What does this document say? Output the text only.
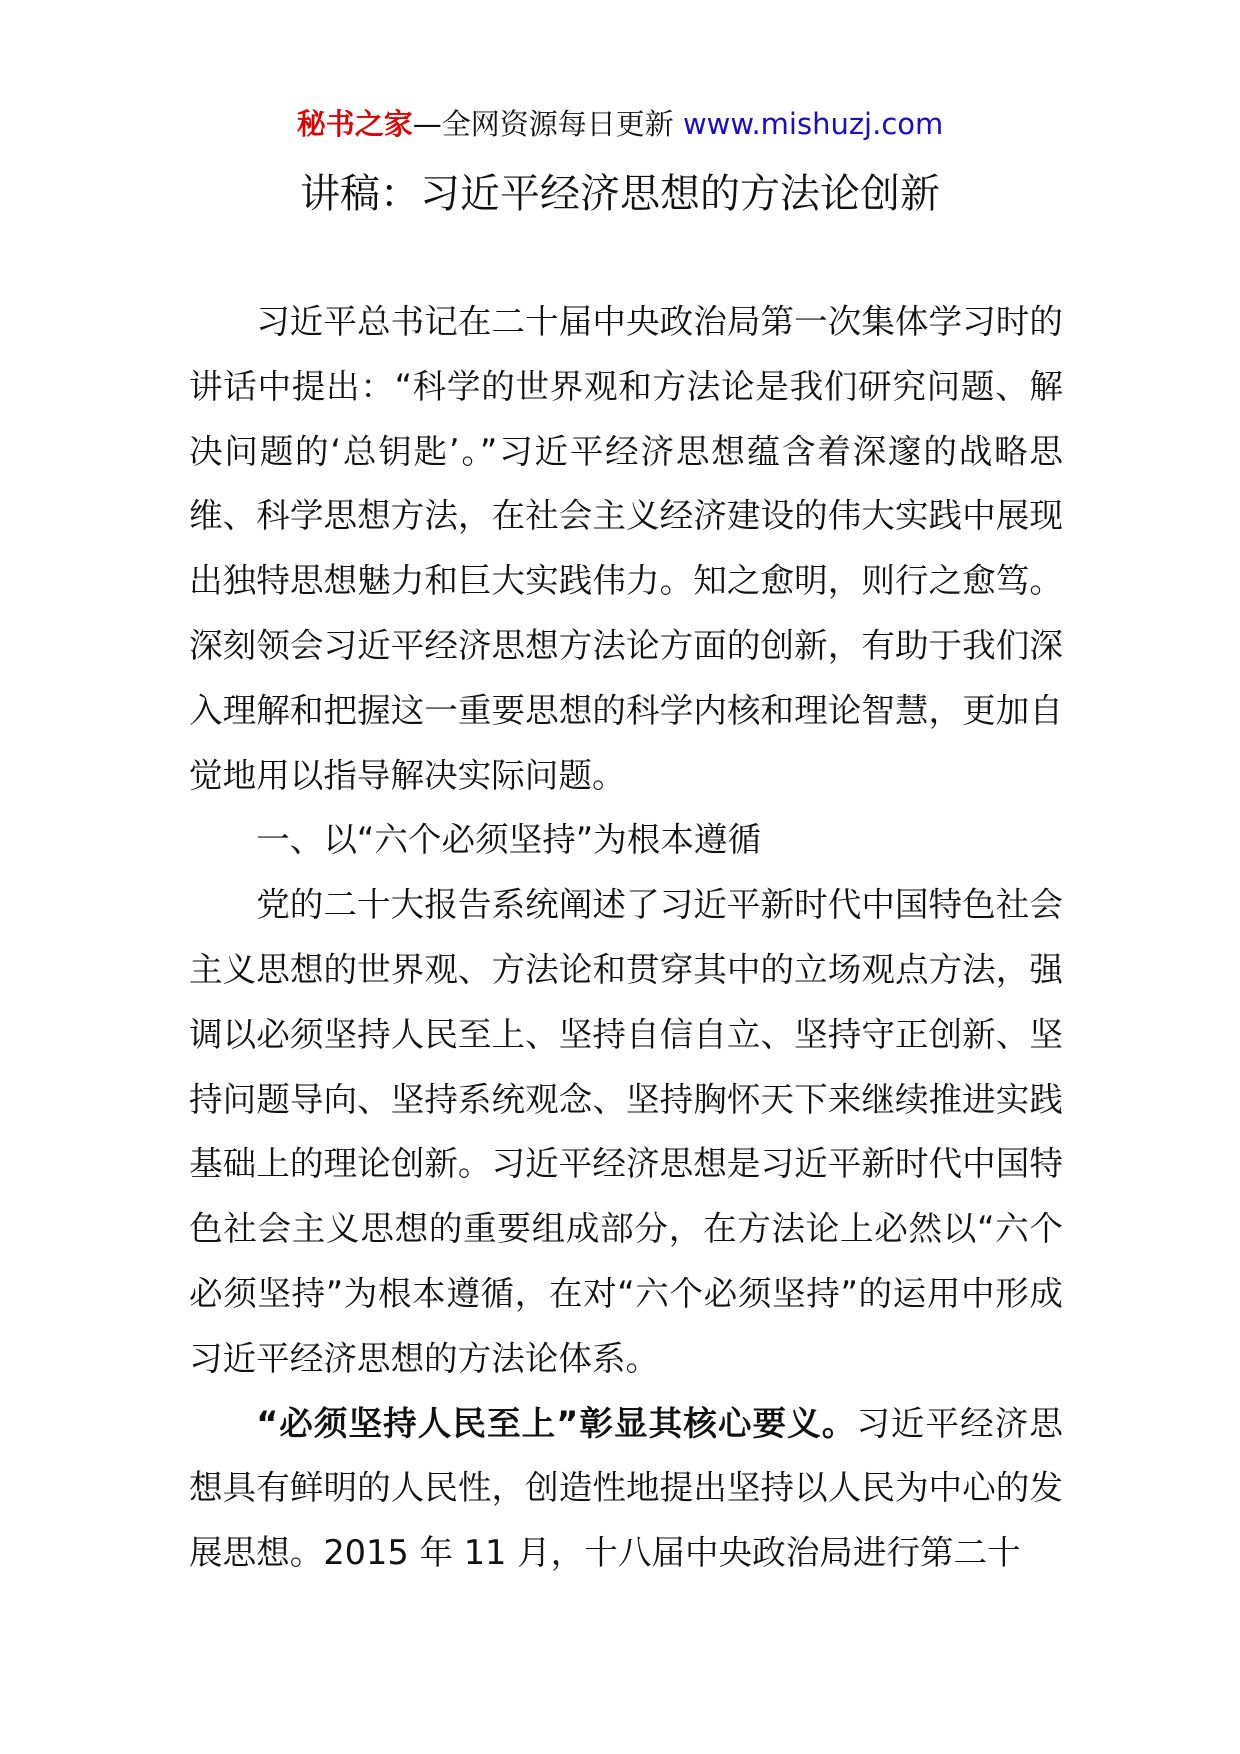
秘书之家—全网资源每日更新 www.mishuzj.com
讲稿：习近平经济思想的方法论创新

习近平总书记在二十届中央政治局第一次集体学习时的讲话中提出：“科学的世界观和方法论是我们研究问题、解决问题的‘总钥匙’。”习近平经济思想蕴含着深邃的战略思维、科学思想方法，在社会主义经济建设的伟大实践中展现出独特思想魅力和巨大实践伟力。知之愈明，则行之愈笃。深刻领会习近平经济思想方法论方面的创新，有助于我们深入理解和把握这一重要思想的科学内核和理论智慧，更加自觉地用以指导解决实际问题。

一、以“六个必须坚持”为根本遵循

党的二十大报告系统阐述了习近平新时代中国特色社会主义思想的世界观、方法论和贯穿其中的立场观点方法，强调以必须坚持人民至上、坚持自信自立、坚持守正创新、坚持问题导向、坚持系统观念、坚持胸怀天下来继续推进实践基础上的理论创新。习近平经济思想是习近平新时代中国特色社会主义思想的重要组成部分，在方法论上必然以“六个必须坚持”为根本遵循，在对“六个必须坚持”的运用中形成习近平经济思想的方法论体系。

“必须坚持人民至上”彰显其核心要义。习近平经济思想具有鲜明的人民性，创造性地提出坚持以人民为中心的发展思想。2015 年 11 月，十八届中央政治局进行第二十
